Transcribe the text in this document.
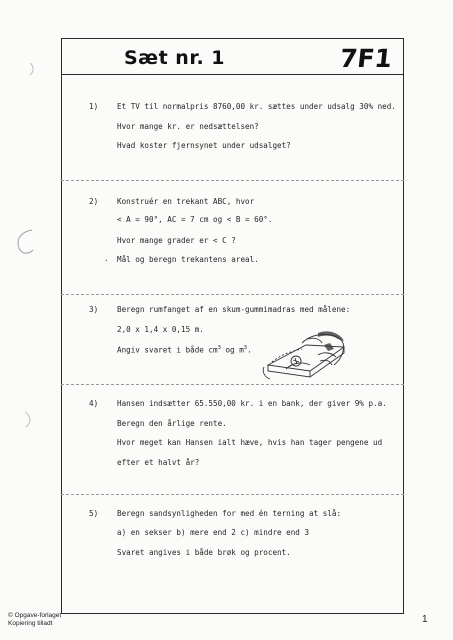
Sæt nr. 1	7F1
1) Et TV til normalpris 8760,00 kr. sættes under udsalg 30% ned.
Hvor mange kr. er nedsættelsen?
Hvad koster fjernsynet under udsalget?
2) Konstruér en trekant ABC, hvor
< A = 90°, AC = 7 cm og < B = 60°.
Hvor mange grader er < C ?
. Mål og beregn trekantens areal.
3) Beregn rumfanget af en skum-gummimadras med målene:
2,0 x 1,4 x 0,15 m.
Angiv svaret i både $cm^3$ og $m^3$.
4) Hansen indsætter 65.550,00 kr. i en bank, der giver 9% p.a.
Beregn den årlige rente.
Hvor meget kan Hansen ialt hæve, hvis han tager pengene ud
efter et halvt år?
5) Beregn sandsynligheden for med én terning at slå:
a) en sekser b) mere end 2 c) mindre end 3
Svaret angives i både brøk og procent.
© Opgave-forlaget
Kopiering tilladt	1
